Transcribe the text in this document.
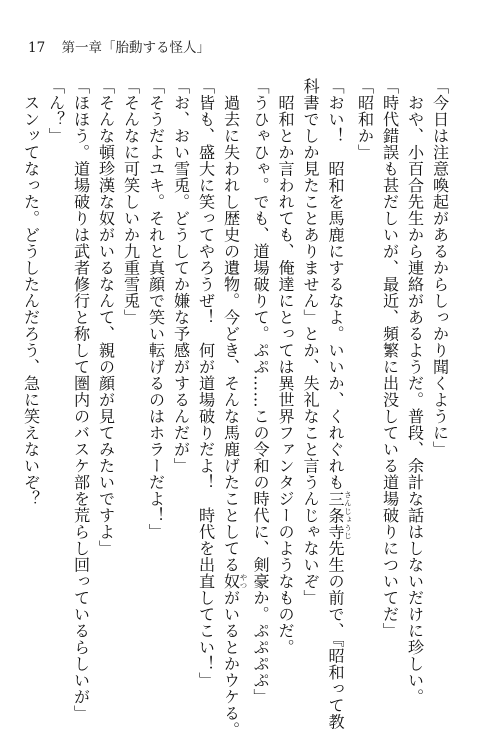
17 第一章「胎動する怪人」
「今日は注意喚起があるからしっかり聞くように」
　おや、小百合先生から連絡があるようだ。普段、余計な話はしないだけに珍しい。
「時代錯誤も甚だしいが、最近、頻繁に出没している道場破りについてだ」
「昭和か」
「おい！　昭和を馬鹿にするなよ。いいか、くれぐれも三条寺 さんじょうじ先生の前で、『昭和って教
科書でしか見たことありません」とか、失礼なこと言うんじゃないぞ」
　昭和とか言われても、俺達にとっては異世界ファンタジーのようなものだ。
「うひゃひゃ。でも、道場破りて。ぷぷ……この令和の時代に、剣豪か。ぷぷぷぷ」
　過去に失われし歴史の遺物。今どき、そんな馬鹿げたことしてる奴 やつがいるとかウケる。
「皆も、盛大に笑ってやろうぜ！　何が道場破りだよ！　時代を出直してこい！」
「お、おい雪兎。どうしてか嫌な予感がするんだが」
「そうだよユキ。それと真顔で笑い転げるのはホラーだよ！」
「そんなに可笑しいか九重雪兎」
「そんな頓珍漢な奴がいるなんて、親の顔が見てみたいですよ」
「ほほう。道場破りは武者修行と称して圏内のバスケ部を荒らし回っているらしいが」
「ん？」
　スンッてなった。どうしたんだろう、急に笑えないぞ？
